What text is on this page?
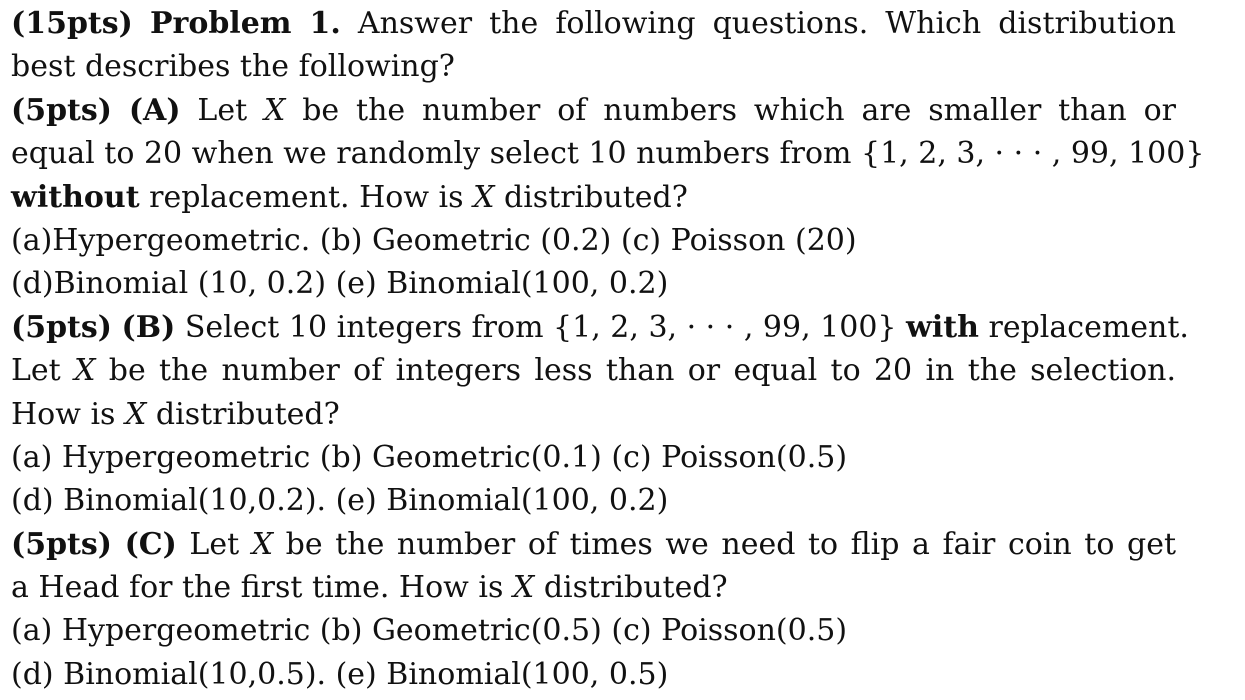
(15pts) Problem 1. Answer the following questions. Which distribution
best describes the following?
(5pts) (A) Let X be the number of numbers which are smaller than or
equal to 20 when we randomly select 10 numbers from {1, 2, 3, · · · , 99, 100}
without replacement. How is X distributed?
(a)Hypergeometric. (b) Geometric (0.2) (c) Poisson (20)
(d)Binomial (10, 0.2) (e) Binomial(100, 0.2)
(5pts) (B) Select 10 integers from {1, 2, 3, · · · , 99, 100} with replacement.
Let X be the number of integers less than or equal to 20 in the selection.
How is X distributed?
(a) Hypergeometric (b) Geometric(0.1) (c) Poisson(0.5)
(d) Binomial(10,0.2). (e) Binomial(100, 0.2)
(5pts) (C) Let X be the number of times we need to flip a fair coin to get
a Head for the first time. How is X distributed?
(a) Hypergeometric (b) Geometric(0.5) (c) Poisson(0.5)
(d) Binomial(10,0.5). (e) Binomial(100, 0.5)
